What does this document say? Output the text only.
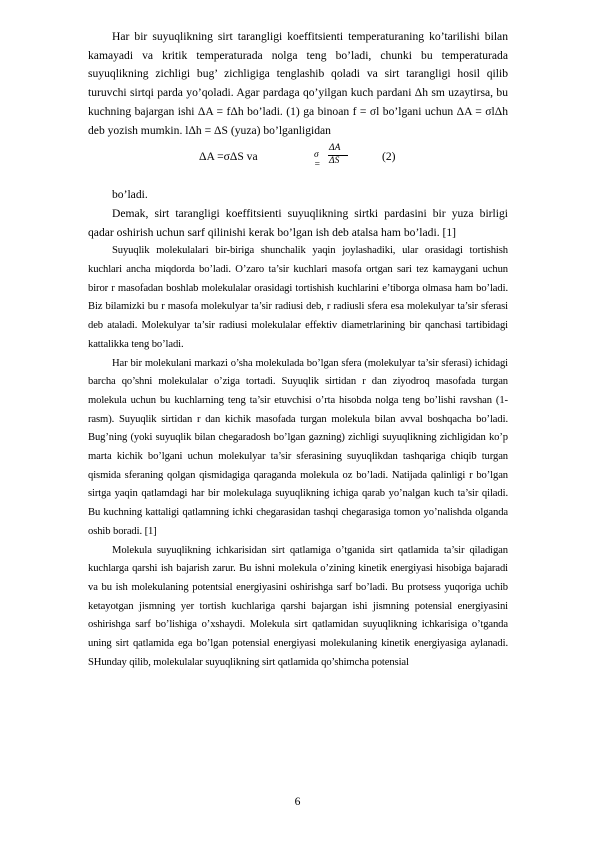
Har bir suyuqlikning sirt tarangligi koeffitsienti temperaturaning ko’tarilishi bilan kamayadi va kritik temperaturada nolga teng bo’ladi, chunki bu temperaturada suyuqlikning zichligi bug’ zichligiga tenglashib qoladi va sirt tarangligi hosil qilib turuvchi sirtqi parda yo’qoladi. Agar pardaga qo’yilgan kuch pardani Δh sm uzaytirsa, bu kuchning bajargan ishi ΔA = fΔh bo’ladi. (1) ga binoan f = σl bo’lgani uchun ΔA = σlΔh deb yozish mumkin. lΔh = ΔS (yuza) bo’lganligidan

ΔA =σΔS va	σ =
ΔA
ΔS	(2)

bo’ladi.

Demak, sirt tarangligi koeffitsienti suyuqlikning sirtki pardasini bir yuza birligi qadar oshirish uchun sarf qilinishi kerak bo’lgan ish deb atalsa ham bo’ladi. [1]

Suyuqlik molekulalari bir-biriga shunchalik yaqin joylashadiki, ular orasidagi tortishish kuchlari ancha miqdorda bo’ladi. O’zaro ta’sir kuchlari masofa ortgan sari tez kamaygani uchun biror r masofadan boshlab molekulalar orasidagi tortishish kuchlarini e’tiborga olmasa ham bo’ladi. Biz bilamizki bu r masofa molekulyar ta’sir radiusi deb, r radiusli sfera esa molekulyar ta’sir sferasi deb ataladi. Molekulyar ta’sir radiusi molekulalar effektiv diametrlarining bir qanchasi tartibidagi kattalikka teng bo’ladi.

Har bir molekulani markazi o’sha molekulada bo’lgan sfera (molekulyar ta’sir sferasi) ichidagi barcha qo’shni molekulalar o’ziga tortadi. Suyuqlik sirtidan r dan ziyodroq masofada turgan molekula uchun bu kuchlarning teng ta’sir etuvchisi o’rta hisobda nolga teng bo’lishi ravshan (1-rasm). Suyuqlik sirtidan r dan kichik masofada turgan molekula bilan avval boshqacha bo’ladi. Bug’ning (yoki suyuqlik bilan chegaradosh bo’lgan gazning) zichligi suyuqlikning zichligidan ko’p marta kichik bo’lgani uchun molekulyar ta’sir sferasining suyuqlikdan tashqariga chiqib turgan qismida sferaning qolgan qismidagiga qaraganda molekula oz bo’ladi. Natijada qalinligi r bo’lgan sirtga yaqin qatlamdagi har bir molekulaga suyuqlikning ichiga qarab yo’nalgan kuch ta’sir qiladi. Bu kuchning kattaligi qatlamning ichki chegarasidan tashqi chegarasiga tomon yo’nalishda olganda oshib boradi. [1]

Molekula suyuqlikning ichkarisidan sirt qatlamiga o’tganida sirt qatlamida ta’sir qiladigan kuchlarga qarshi ish bajarish zarur. Bu ishni molekula o’zining kinetik energiyasi hisobiga bajaradi va bu ish molekulaning potentsial energiyasini oshirishga sarf bo’ladi. Bu protsess yuqoriga uchib ketayotgan jismning yer tortish kuchlariga qarshi bajargan ishi jismning potensial energiyasini oshirishga sarf bo’lishiga o’xshaydi. Molekula sirt qatlamidan suyuqlikning ichkarisiga o’tganda uning sirt qatlamida ega bo’lgan potensial energiyasi molekulaning kinetik energiyasiga aylanadi. SHunday qilib, molekulalar suyuqlikning sirt qatlamida qo’shimcha potensial

6
